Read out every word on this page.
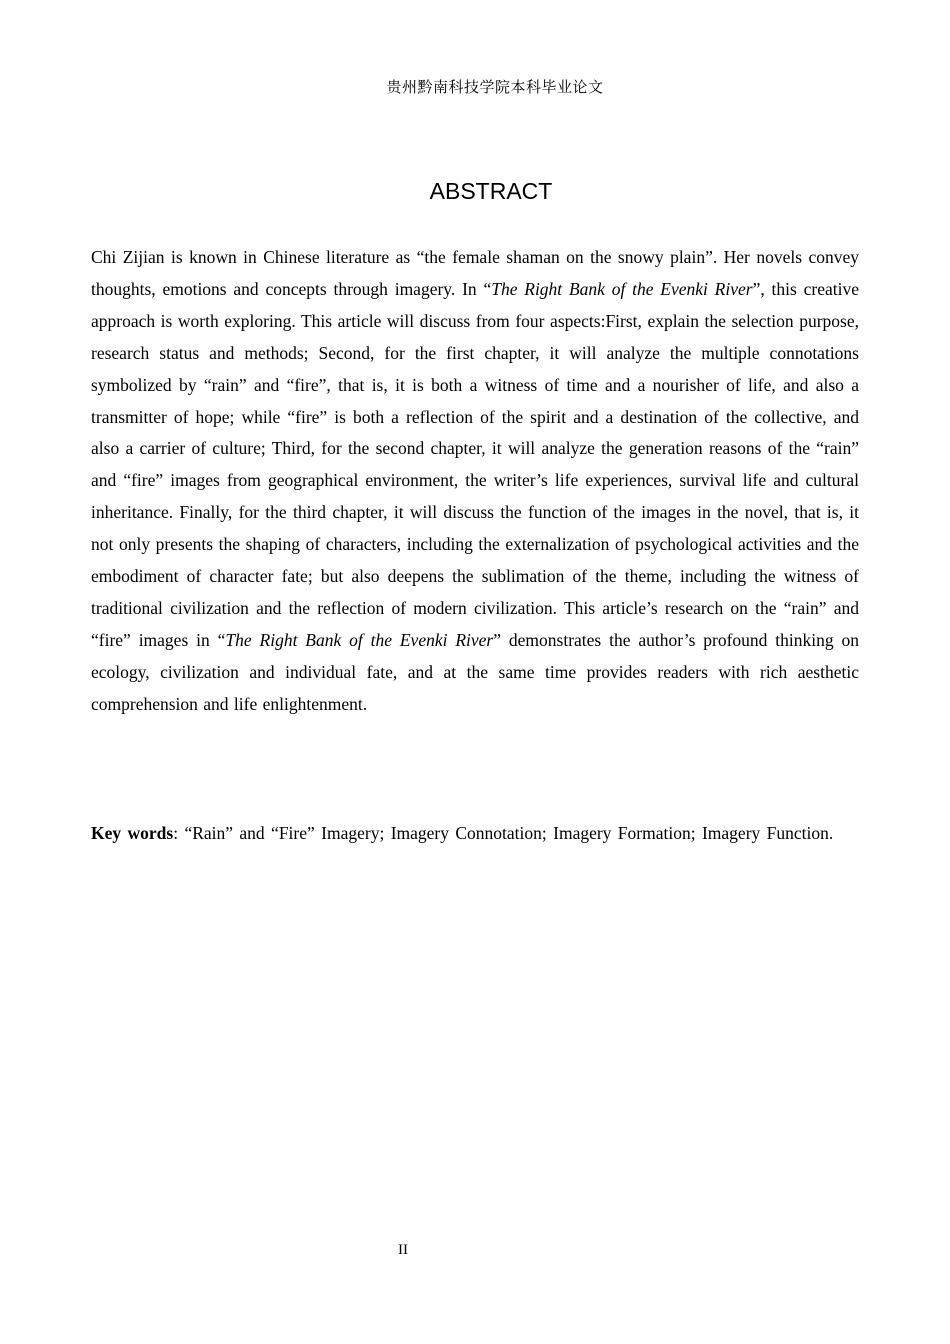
贵州黔南科技学院本科毕业论文
ABSTRACT

Chi Zijian is known in Chinese literature as “the female shaman on the snowy plain”. Her novels convey thoughts, emotions and concepts through imagery. In “The Right Bank of the Evenki River”, this creative approach is worth exploring. This article will discuss from four aspects:First, explain the selection purpose, research status and methods; Second, for the first chapter, it will analyze the multiple connotations symbolized by “rain” and “fire”, that is, it is both a witness of time and a nourisher of life, and also a transmitter of hope; while “fire” is both a reflection of the spirit and a destination of the collective, and also a carrier of culture; Third, for the second chapter, it will analyze the generation reasons of the “rain” and “fire” images from geographical environment, the writer’s life experiences, survival life and cultural inheritance. Finally, for the third chapter, it will discuss the function of the images in the novel, that is, it not only presents the shaping of characters, including the externalization of psychological activities and the embodiment of character fate; but also deepens the sublimation of the theme, including the witness of traditional civilization and the reflection of modern civilization. This article’s research on the “rain” and “fire” images in “The Right Bank of the Evenki River” demonstrates the author’s profound thinking on ecology, civilization and individual fate, and at the same time provides readers with rich aesthetic comprehension and life enlightenment.

Key words: “Rain” and “Fire” Imagery; Imagery Connotation; Imagery Formation; Imagery Function.

II
